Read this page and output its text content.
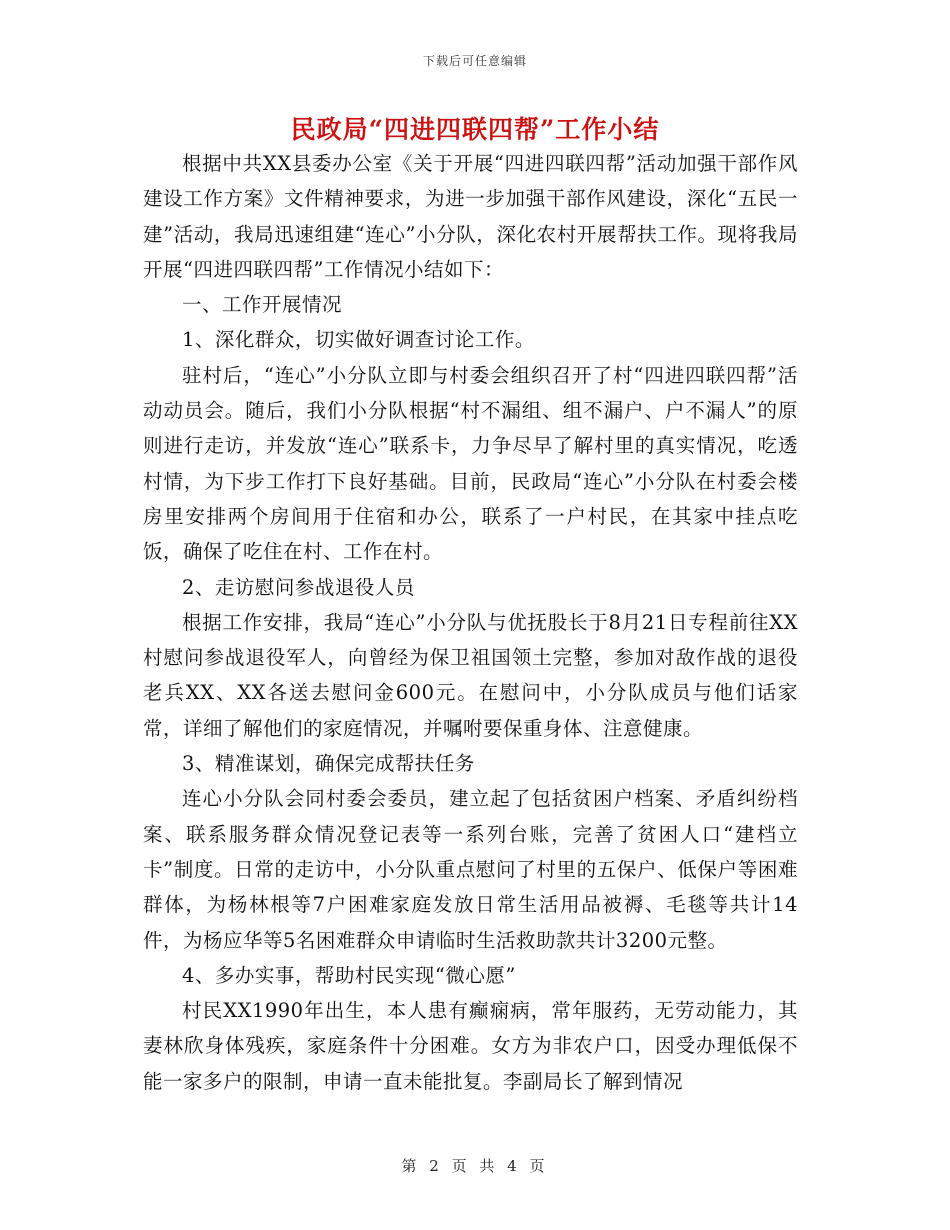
下载后可任意编辑
民政局“四进四联四帮”工作小结

根据中共XX县委办公室《关于开展“四进四联四帮”活动加强干部作风建设工作方案》文件精神要求，为进一步加强干部作风建设，深化“五民一建”活动，我局迅速组建“连心”小分队，深化农村开展帮扶工作。现将我局开展“四进四联四帮”工作情况小结如下：

一、工作开展情况

1、深化群众，切实做好调查讨论工作。

驻村后，“连心”小分队立即与村委会组织召开了村“四进四联四帮”活动动员会。随后，我们小分队根据“村不漏组、组不漏户、户不漏人”的原则进行走访，并发放“连心”联系卡，力争尽早了解村里的真实情况，吃透村情，为下步工作打下良好基础。目前，民政局“连心”小分队在村委会楼房里安排两个房间用于住宿和办公，联系了一户村民，在其家中挂点吃饭，确保了吃住在村、工作在村。

2、走访慰问参战退役人员

根据工作安排，我局“连心”小分队与优抚股长于8月21日专程前往XX村慰问参战退役军人，向曾经为保卫祖国领土完整，参加对敌作战的退役老兵XX、XX各送去慰问金600元。在慰问中，小分队成员与他们话家常，详细了解他们的家庭情况，并嘱咐要保重身体、注意健康。

3、精准谋划，确保完成帮扶任务

连心小分队会同村委会委员，建立起了包括贫困户档案、矛盾纠纷档案、联系服务群众情况登记表等一系列台账，完善了贫困人口“建档立卡”制度。日常的走访中，小分队重点慰问了村里的五保户、低保户等困难群体，为杨林根等7户困难家庭发放日常生活用品被褥、毛毯等共计14件，为杨应华等5名困难群众申请临时生活救助款共计3200元整。

4、多办实事，帮助村民实现“微心愿”

村民XX1990年出生，本人患有癫痫病，常年服药，无劳动能力，其妻林欣身体残疾，家庭条件十分困难。女方为非农户口，因受办理低保不能一家多户的限制，申请一直未能批复。李副局长了解到情况

第 2 页 共 4 页
